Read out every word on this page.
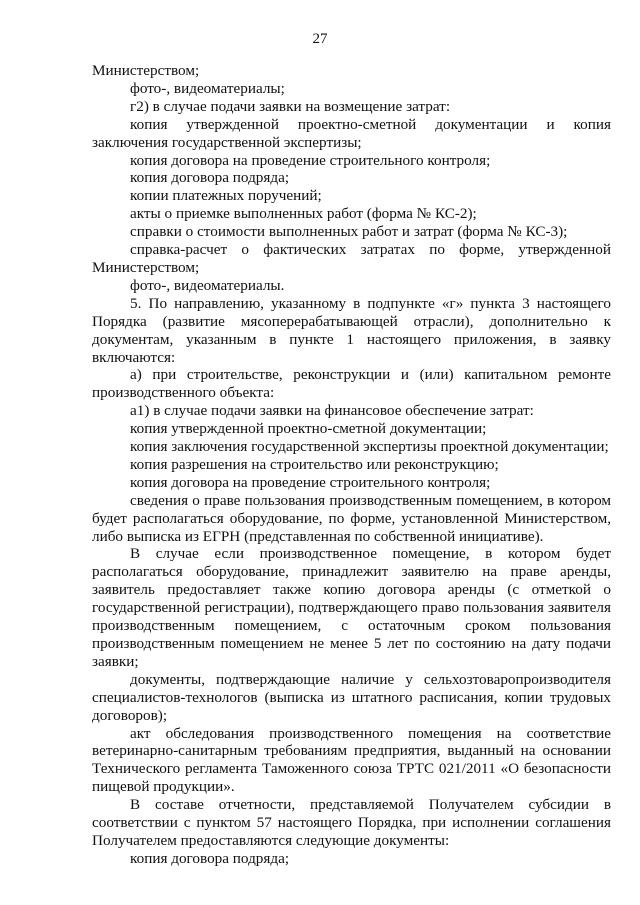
27

Министерством;

фото-, видеоматериалы;

г2) в случае подачи заявки на возмещение затрат:

копия утвержденной проектно-сметной документации и копия заключения государственной экспертизы;

копия договора на проведение строительного контроля;

копия договора подряда;

копии платежных поручений;

акты о приемке выполненных работ (форма № КС-2);

справки о стоимости выполненных работ и затрат (форма № КС-3);

справка-расчет о фактических затратах по форме, утвержденной Министерством;

фото-, видеоматериалы.

5. По направлению, указанному в подпункте «г» пункта 3 настоящего Порядка (развитие мясоперерабатывающей отрасли), дополнительно к документам, указанным в пункте 1 настоящего приложения, в заявку включаются:

а) при строительстве, реконструкции и (или) капитальном ремонте производственного объекта:

а1) в случае подачи заявки на финансовое обеспечение затрат:

копия утвержденной проектно-сметной документации;

копия заключения государственной экспертизы проектной документации;

копия разрешения на строительство или реконструкцию;

копия договора на проведение строительного контроля;

сведения о праве пользования производственным помещением, в котором будет располагаться оборудование, по форме, установленной Министерством, либо выписка из ЕГРН (представленная по собственной инициативе).

В случае если производственное помещение, в котором будет располагаться оборудование, принадлежит заявителю на праве аренды, заявитель предоставляет также копию договора аренды (с отметкой о государственной регистрации), подтверждающего право пользования заявителя производственным помещением, с остаточным сроком пользования производственным помещением не менее 5 лет по состоянию на дату подачи заявки;

документы, подтверждающие наличие у сельхозтоваропроизводителя специалистов-технологов (выписка из штатного расписания, копии трудовых договоров);

акт обследования производственного помещения на соответствие ветеринарно-санитарным требованиям предприятия, выданный на основании Технического регламента Таможенного союза ТРТС 021/2011 «О безопасности пищевой продукции».

В составе отчетности, представляемой Получателем субсидии в соответствии с пунктом 57 настоящего Порядка, при исполнении соглашения Получателем предоставляются следующие документы:

копия договора подряда;
